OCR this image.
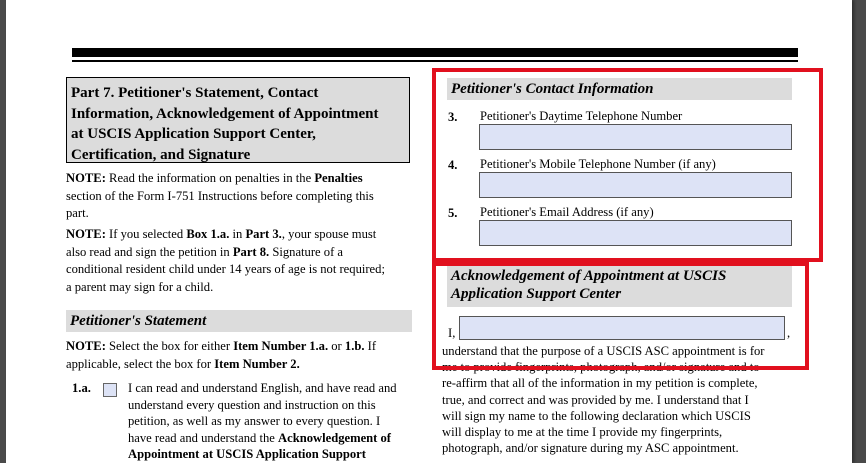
Part 7. Petitioner's Statement, Contact
Information, Acknowledgement of Appointment
at USCIS Application Support Center,
Certification, and Signature
NOTE: Read the information on penalties in the Penalties
section of the Form I-751 Instructions before completing this
part.
NOTE: If you selected Box 1.a. in Part 3., your spouse must
also read and sign the petition in Part 8. Signature of a
conditional resident child under 14 years of age is not required;
a parent may sign for a child.
Petitioner's Statement
NOTE: Select the box for either Item Number 1.a. or 1.b. If
applicable, select the box for Item Number 2.
1.a.	I can read and understand English, and have read and
understand every question and instruction on this
petition, as well as my answer to every question. I
have read and understand the Acknowledgement of
Appointment at USCIS Application Support
Petitioner's Contact Information
3. Petitioner's Daytime Telephone Number
4. Petitioner's Mobile Telephone Number (if any)
5. Petitioner's Email Address (if any)
Acknowledgement of Appointment at USCIS
Application Support Center
I,	,
understand that the purpose of a USCIS ASC appointment is for
me to provide fingerprints, photograph, and/or signature and to
re-affirm that all of the information in my petition is complete,
true, and correct and was provided by me. I understand that I
will sign my name to the following declaration which USCIS
will display to me at the time I provide my fingerprints,
photograph, and/or signature during my ASC appointment.
